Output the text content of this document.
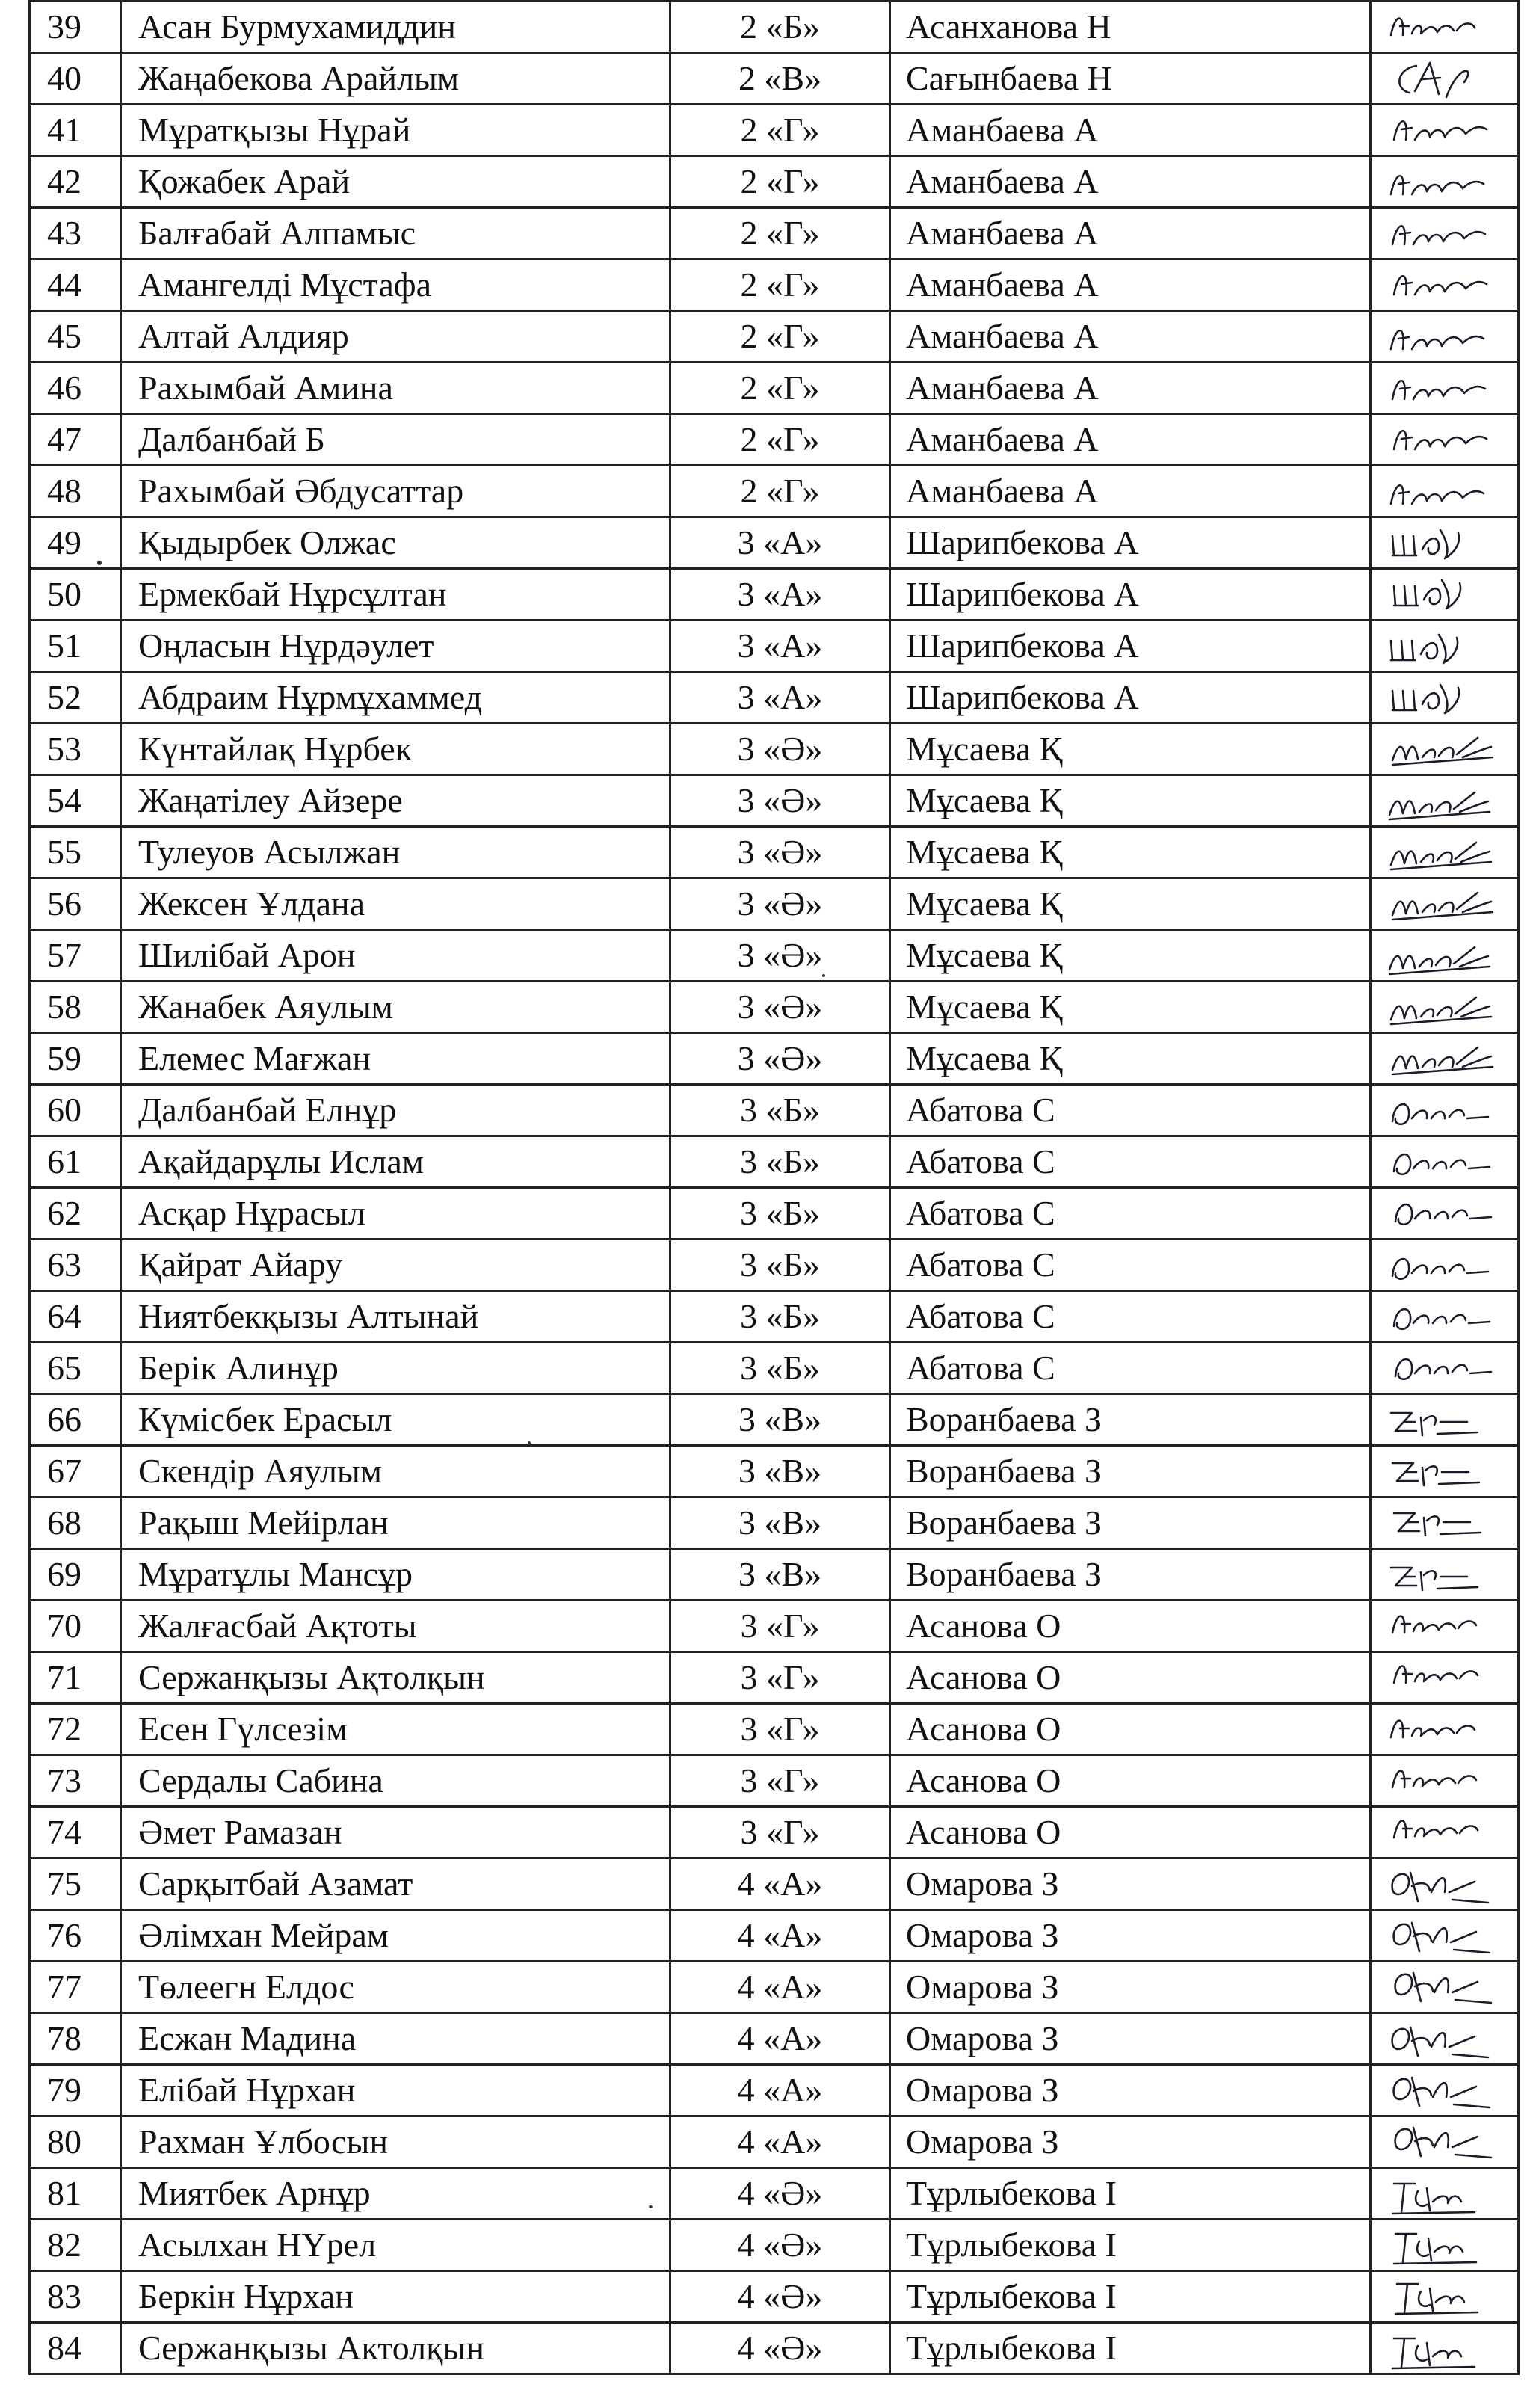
39	Асан Бурмухамиддин	2 «Б»	Асанханова Н	

40	Жаңабекова Арайлым	2 «В»	Сағынбаева Н	

41	Мұратқызы Нұрай	2 «Г»	Аманбаева А	

42	Қожабек Арай	2 «Г»	Аманбаева А	

43	Балғабай Алпамыс	2 «Г»	Аманбаева А	

44	Амангелді Мұстафа	2 «Г»	Аманбаева А	

45	Алтай Алдияр	2 «Г»	Аманбаева А	

46	Рахымбай Амина	2 «Г»	Аманбаева А	

47	Далбанбай Б	2 «Г»	Аманбаева А	

48	Рахымбай Әбдусаттар	2 «Г»	Аманбаева А	

49	Қыдырбек Олжас	3 «А»	Шарипбекова А	

50	Ермекбай Нұрсұлтан	3 «А»	Шарипбекова А	

51	Оңласын Нұрдәулет	3 «А»	Шарипбекова А	

52	Абдраим Нұрмұхаммед	3 «А»	Шарипбекова А	

53	Күнтайлақ Нұрбек	3 «Ә»	Мұсаева Қ	

54	Жаңатілеу Айзере	3 «Ә»	Мұсаева Қ	

55	Тулеуов Асылжан	3 «Ә»	Мұсаева Қ	

56	Жексен Ұлдана	3 «Ә»	Мұсаева Қ	

57	Шилібай Арон	3 «Ә»	Мұсаева Қ	

58	Жанабек Аяулым	3 «Ә»	Мұсаева Қ	

59	Елемес Мағжан	3 «Ә»	Мұсаева Қ	

60	Далбанбай Елнұр	3 «Б»	Абатова С	

61	Ақайдарұлы Ислам	3 «Б»	Абатова С	

62	Асқар Нұрасыл	3 «Б»	Абатова С	

63	Қайрат Айару	3 «Б»	Абатова С	

64	Ниятбекқызы Алтынай	3 «Б»	Абатова С	

65	Берік Алинұр	3 «Б»	Абатова С	

66	Күмісбек Ерасыл	3 «В»	Воранбаева З	

67	Скендір Аяулым	3 «В»	Воранбаева З	

68	Рақыш Мейірлан	3 «В»	Воранбаева З	

69	Мұратұлы Мансұр	3 «В»	Воранбаева З	

70	Жалғасбай Ақтоты	3 «Г»	Асанова О	

71	Сержанқызы Ақтолқын	3 «Г»	Асанова О	

72	Есен Гүлсезім	3 «Г»	Асанова О	

73	Сердалы Сабина	3 «Г»	Асанова О	

74	Әмет Рамазан	3 «Г»	Асанова О	

75	Сарқытбай Азамат	4 «А»	Омарова З	

76	Әлімхан Мейрам	4 «А»	Омарова З	

77	Төлеегн Елдос	4 «А»	Омарова З	

78	Есжан Мадина	4 «А»	Омарова З	

79	Елібай Нұрхан	4 «А»	Омарова З	

80	Рахман Ұлбосын	4 «А»	Омарова З	

81	Миятбек Арнұр	4 «Ә»	Тұрлыбекова І	

82	Асылхан НҮрел	4 «Ә»	Тұрлыбекова І	

83	Беркін Нұрхан	4 «Ә»	Тұрлыбекова І	

84	Сержанқызы Актолқын	4 «Ә»	Тұрлыбекова І	
